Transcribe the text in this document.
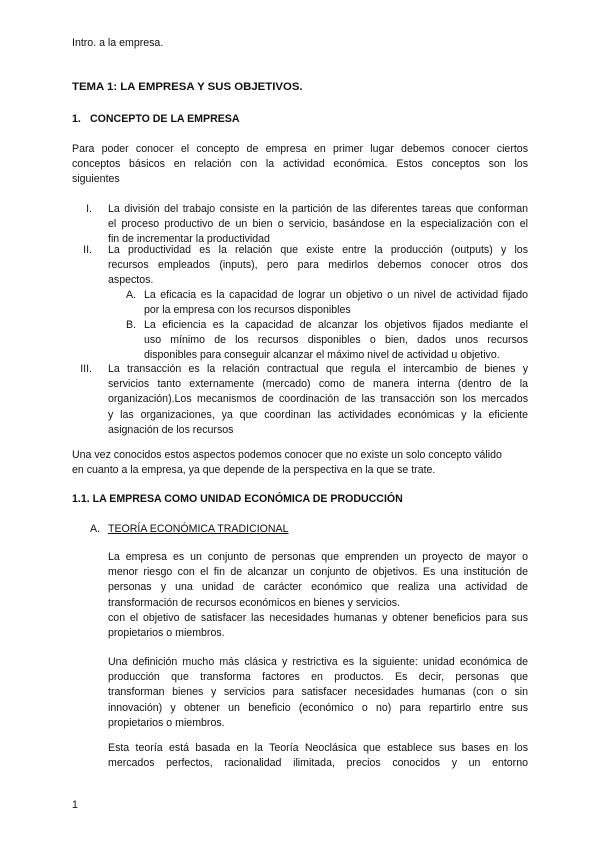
Intro. a la empresa.
TEMA 1: LA EMPRESA Y SUS OBJETIVOS.
1. CONCEPTO DE LA EMPRESA
Para poder conocer el concepto de empresa en primer lugar debemos conocer ciertos
conceptos básicos en relación con la actividad económica. Estos conceptos son los
siguientes
I. La división del trabajo consiste en la partición de las diferentes tareas que conforman
el proceso productivo de un bien o servicio, basándose en la especialización con el
fin de incrementar la productividad
II. La productividad es la relación que existe entre la producción (outputs) y los
recursos empleados (inputs), pero para medirlos debemos conocer otros dos
aspectos.
A. La eficacia es la capacidad de lograr un objetivo o un nivel de actividad fijado
por la empresa con los recursos disponibles
B. La eficiencia es la capacidad de alcanzar los objetivos fijados mediante el
uso mínimo de los recursos disponibles o bien, dados unos recursos
disponibles para conseguir alcanzar el máximo nivel de actividad u objetivo.
III. La transacción es la relación contractual que regula el intercambio de bienes y
servicios tanto externamente (mercado) como de manera interna (dentro de la
organización).Los mecanismos de coordinación de las transacción son los mercados
y las organizaciones, ya que coordinan las actividades económicas y la eficiente
asignación de los recursos
Una vez conocidos estos aspectos podemos conocer que no existe un solo concepto válido
en cuanto a la empresa, ya que depende de la perspectiva en la que se trate.
1.1. LA EMPRESA COMO UNIDAD ECONÓMICA DE PRODUCCIÓN
A. TEORÍA ECONÓMICA TRADICIONAL
La empresa es un conjunto de personas que emprenden un proyecto de mayor o
menor riesgo con el fin de alcanzar un conjunto de objetivos. Es una institución de
personas y una unidad de carácter económico que realiza una actividad de
transformación de recursos económicos en bienes y servicios.
con el objetivo de satisfacer las necesidades humanas y obtener beneficios para sus
propietarios o miembros.
Una definición mucho más clásica y restrictiva es la siguiente: unidad económica de
producción que transforma factores en productos. Es decir, personas que
transforman bienes y servicios para satisfacer necesidades humanas (con o sin
innovación) y obtener un beneficio (económico o no) para repartirlo entre sus
propietarios o miembros.
Esta teoría está basada en la Teoría Neoclásica que establece sus bases en los
mercados perfectos, racionalidad ilimitada, precios conocidos y un entorno
1
